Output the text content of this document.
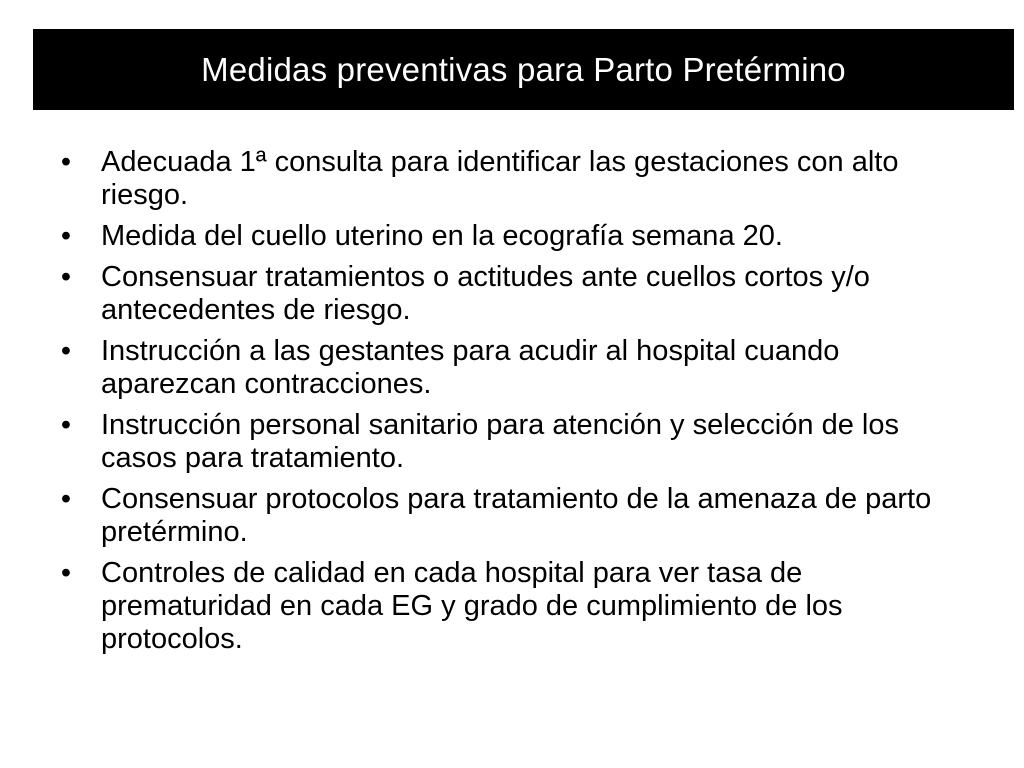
Medidas preventivas para Parto Pretérmino
• Adecuada 1ª consulta para identificar las gestaciones con alto riesgo.
• Medida del cuello uterino en la ecografía semana 20.
• Consensuar tratamientos o actitudes ante cuellos cortos y/o antecedentes de riesgo.
• Instrucción a las gestantes para acudir al hospital cuando aparezcan contracciones.
• Instrucción personal sanitario para atención y selección de los casos para tratamiento.
• Consensuar protocolos para tratamiento de la amenaza de parto pretérmino.
• Controles de calidad en cada hospital para ver tasa de prematuridad en cada EG y grado de cumplimiento de los protocolos.
